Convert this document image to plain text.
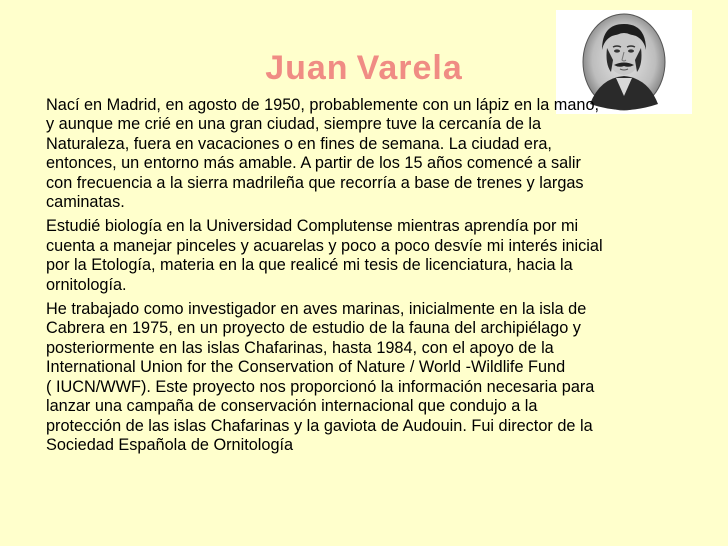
Juan Varela

Nací en Madrid, en agosto de 1950, probablemente con un lápiz en la mano,
y aunque me crié en una gran ciudad, siempre tuve la cercanía de la
Naturaleza, fuera en vacaciones o en fines de semana. La ciudad era,
entonces, un entorno más amable. A partir de los 15 años comencé a salir
con frecuencia a la sierra madrileña que recorría a base de trenes y largas
caminatas.

Estudié biología en la Universidad Complutense mientras aprendía por mi
cuenta a manejar pinceles y acuarelas y poco a poco desvíe mi interés inicial
por la Etología, materia en la que realicé mi tesis de licenciatura, hacia la
ornitología.

He trabajado como investigador en aves marinas, inicialmente en la isla de
Cabrera en 1975, en un proyecto de estudio de la fauna del archipiélago y
posteriormente en las islas Chafarinas, hasta 1984, con el apoyo de la
International Union for the Conservation of Nature / World -Wildlife Fund
( IUCN/WWF). Este proyecto nos proporcionó la información necesaria para
lanzar una campaña de conservación internacional que condujo a la
protección de las islas Chafarinas y la gaviota de Audouin. Fui director de la
Sociedad Española de Ornitología
